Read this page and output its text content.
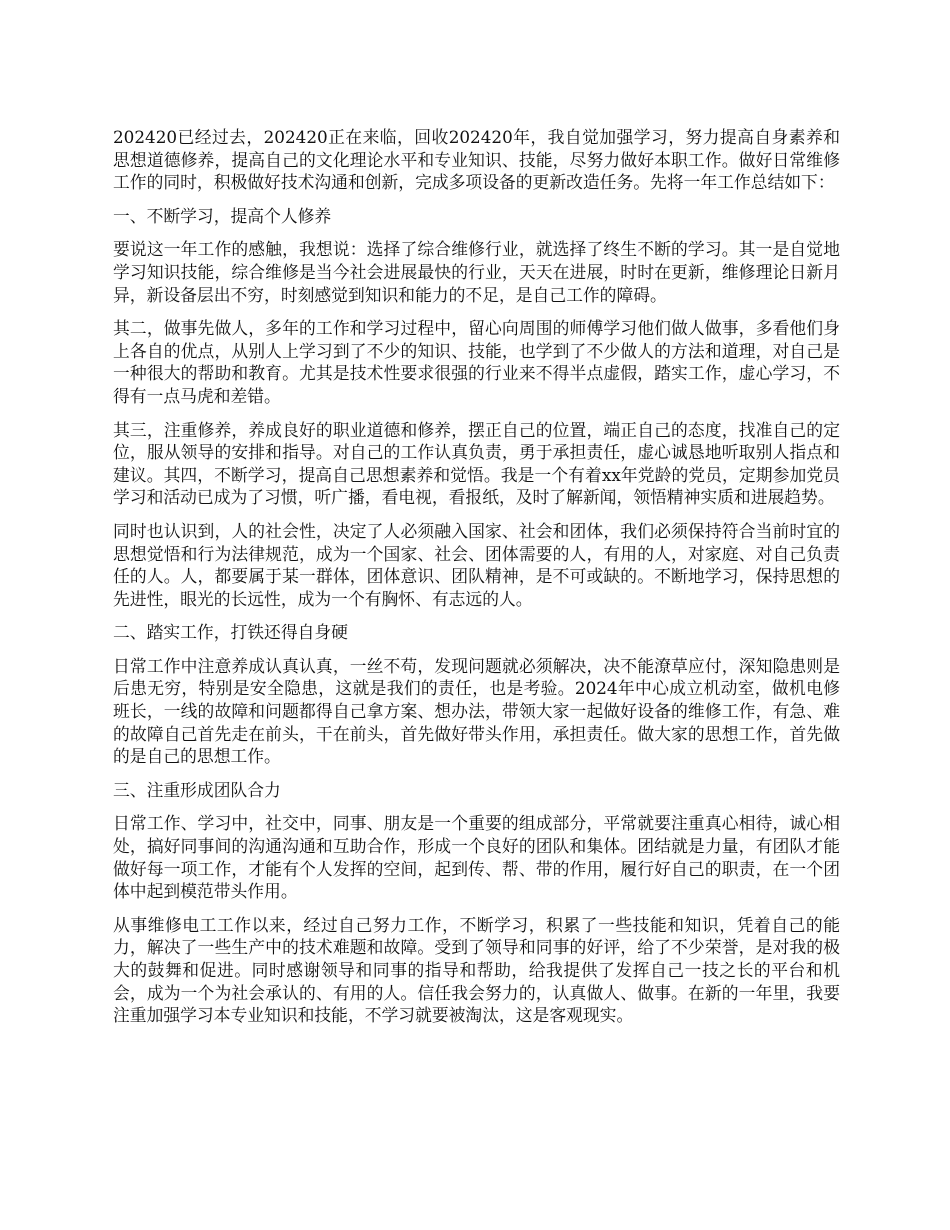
202420已经过去，202420正在来临，回收202420年，我自觉加强学习，努力提高自身素养和思想道德修养，提高自己的文化理论水平和专业知识、技能，尽努力做好本职工作。做好日常维修工作的同时，积极做好技术沟通和创新，完成多项设备的更新改造任务。先将一年工作总结如下：

一、不断学习，提高个人修养

要说这一年工作的感触，我想说：选择了综合维修行业，就选择了终生不断的学习。其一是自觉地学习知识技能，综合维修是当今社会进展最快的行业，天天在进展，时时在更新，维修理论日新月异，新设备层出不穷，时刻感觉到知识和能力的不足，是自己工作的障碍。

其二，做事先做人，多年的工作和学习过程中，留心向周围的师傅学习他们做人做事，多看他们身上各自的优点，从别人上学习到了不少的知识、技能，也学到了不少做人的方法和道理，对自己是一种很大的帮助和教育。尤其是技术性要求很强的行业来不得半点虚假，踏实工作，虚心学习，不得有一点马虎和差错。

其三，注重修养，养成良好的职业道德和修养，摆正自己的位置，端正自己的态度，找准自己的定位，服从领导的安排和指导。对自己的工作认真负责，勇于承担责任，虚心诚恳地听取别人指点和建议。其四，不断学习，提高自己思想素养和觉悟。我是一个有着xx年党龄的党员，定期参加党员学习和活动已成为了习惯，听广播，看电视，看报纸，及时了解新闻，领悟精神实质和进展趋势。

同时也认识到，人的社会性，决定了人必须融入国家、社会和团体，我们必须保持符合当前时宜的思想觉悟和行为法律规范，成为一个国家、社会、团体需要的人，有用的人，对家庭、对自己负责任的人。人，都要属于某一群体，团体意识、团队精神，是不可或缺的。不断地学习，保持思想的先进性，眼光的长远性，成为一个有胸怀、有志远的人。

二、踏实工作，打铁还得自身硬

日常工作中注意养成认真认真，一丝不苟，发现问题就必须解决，决不能潦草应付，深知隐患则是后患无穷，特别是安全隐患，这就是我们的责任，也是考验。2024年中心成立机动室，做机电修班长，一线的故障和问题都得自己拿方案、想办法，带领大家一起做好设备的维修工作，有急、难的故障自己首先走在前头，干在前头，首先做好带头作用，承担责任。做大家的思想工作，首先做的是自己的思想工作。

三、注重形成团队合力

日常工作、学习中，社交中，同事、朋友是一个重要的组成部分，平常就要注重真心相待，诚心相处，搞好同事间的沟通沟通和互助合作，形成一个良好的团队和集体。团结就是力量，有团队才能做好每一项工作，才能有个人发挥的空间，起到传、帮、带的作用，履行好自己的职责，在一个团体中起到模范带头作用。

从事维修电工工作以来，经过自己努力工作，不断学习，积累了一些技能和知识，凭着自己的能力，解决了一些生产中的技术难题和故障。受到了领导和同事的好评，给了不少荣誉，是对我的极大的鼓舞和促进。同时感谢领导和同事的指导和帮助，给我提供了发挥自己一技之长的平台和机会，成为一个为社会承认的、有用的人。信任我会努力的，认真做人、做事。在新的一年里，我要注重加强学习本专业知识和技能，不学习就要被淘汰，这是客观现实。
